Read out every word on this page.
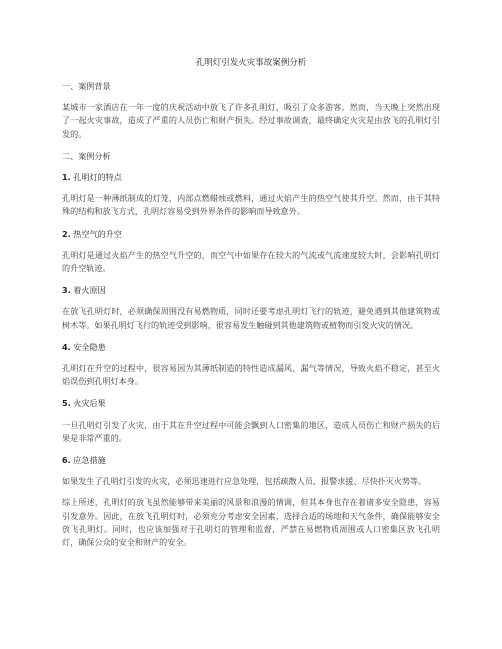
孔明灯引发火灾事故案例分析

一、案例背景

某城市一家酒店在一年一度的庆祝活动中放飞了许多孔明灯，吸引了众多游客。然而，当天晚上突然出现了一起火灾事故，造成了严重的人员伤亡和财产损失。经过事故调查，最终确定火灾是由放飞的孔明灯引发的。

二、案例分析

1. 孔明灯的特点

孔明灯是一种薄纸制成的灯笼，内部点燃蜡烛或燃料，通过火焰产生的热空气使其升空。然而，由于其特殊的结构和放飞方式，孔明灯容易受到外界条件的影响而导致意外。

2. 热空气的升空

孔明灯是通过火焰产生的热空气升空的，而空气中如果存在较大的气流或气流速度较大时，会影响孔明灯的升空轨迹。

3. 着火原因

在放飞孔明灯时，必须确保周围没有易燃物质，同时还要考虑孔明灯飞行的轨迹，避免遇到其他建筑物或树木等。如果孔明灯飞行的轨迹受到影响，很容易发生触碰到其他建筑物或植物而引发火灾的情况。

4. 安全隐患

孔明灯在升空的过程中，很容易因为其薄纸制造的特性造成漏风、漏气等情况，导致火焰不稳定，甚至火焰误伤到孔明灯本身。

5. 火灾后果

一旦孔明灯引发了火灾，由于其在升空过程中可能会飘到人口密集的地区，造成人员伤亡和财产损失的后果是非常严重的。

6. 应急措施

如果发生了孔明灯引发的火灾，必须迅速进行应急处理，包括疏散人员、报警求援、尽快扑灭火势等。

综上所述，孔明灯的放飞虽然能够带来美丽的风景和浪漫的情调，但其本身也存在着诸多安全隐患，容易引发意外。因此，在放飞孔明灯时，必须充分考虑安全因素，选择合适的场地和天气条件，确保能够安全放飞孔明灯。同时，也应该加强对于孔明灯的管理和监督，严禁在易燃物质周围或人口密集区放飞孔明灯，确保公众的安全和财产的安全。
